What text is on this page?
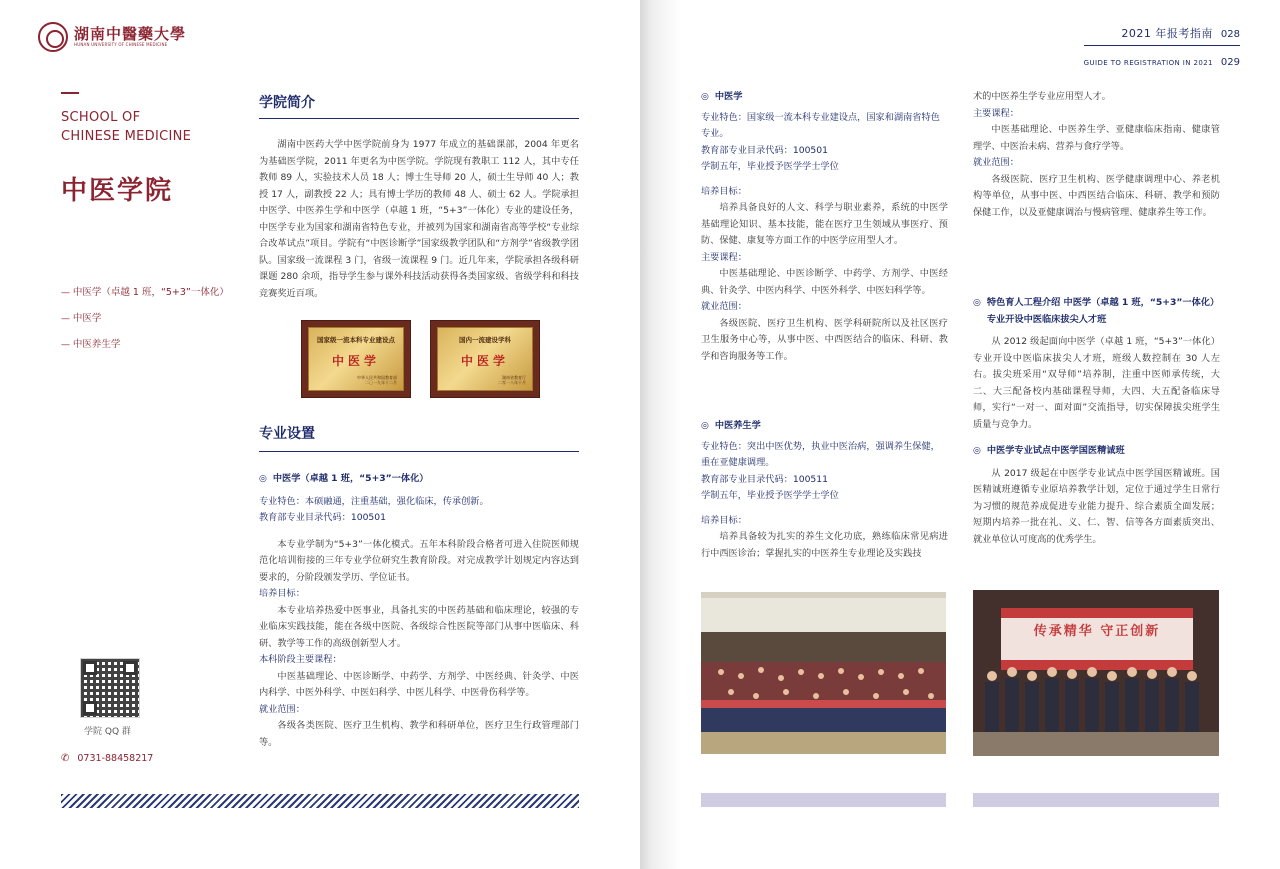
湖南中醫藥大學
HUNAN UNIVERSITY OF CHINESE MEDICINE
SCHOOL OF
CHINESE MEDICINE
中医学院
— 中医学（卓越 1 班，“5+3”一体化）
— 中医学
— 中医养生学
学院 QQ 群
✆ 0731-88458217
学院简介
湖南中医药大学中医学院前身为 1977 年成立的基础课部，2004 年更名为基础医学院，2011 年更名为中医学院。学院现有教职工 112 人，其中专任教师 89 人，实验技术人员 18 人；博士生导师 20 人，硕士生导师 40 人；教授 17 人，副教授 22 人；具有博士学历的教师 48 人、硕士 62 人。学院承担中医学、中医养生学和中医学（卓越 1 班，“5+3”一体化）专业的建设任务，中医学专业为国家和湖南省特色专业，并被列为国家和湖南省高等学校“专业综合改革试点”项目。学院有“中医诊断学”国家级教学团队和“方剂学”省级教学团队。国家级一流课程 3 门，省级一流课程 9 门。近几年来，学院承担各级科研课题 280 余项，指导学生参与课外科技活动获得各类国家级、省级学科和科技竞赛奖近百项。
国家级一流本科专业建设点
中医学
中华人民共和国教育部
二〇一九年十二月
国内一流建设学科
中医学
湖南省教育厅
二零一八年十月
专业设置
◎ 中医学（卓越 1 班，“5+3”一体化）
专业特色：本硕融通，注重基础，强化临床，传承创新。
教育部专业目录代码：100501
本专业学制为“5+3”一体化模式。五年本科阶段合格者可进入住院医师规范化培训衔接的三年专业学位研究生教育阶段。对完成教学计划规定内容达到要求的，分阶段颁发学历、学位证书。
培养目标：
本专业培养热爱中医事业，具备扎实的中医药基础和临床理论，较强的专业临床实践技能，能在各级中医院、各级综合性医院等部门从事中医临床、科研、教学等工作的高级创新型人才。
本科阶段主要课程：
中医基础理论、中医诊断学、中药学、方剂学、中医经典、针灸学、中医内科学、中医外科学、中医妇科学、中医儿科学、中医骨伤科学等。
就业范围：
各级各类医院、医疗卫生机构、教学和科研单位，医疗卫生行政管理部门等。
2021 年报考指南 028
GUIDE TO REGISTRATION IN 2021 029
◎ 中医学
专业特色：国家级一流本科专业建设点，国家和湖南省特色专业。
教育部专业目录代码：100501
学制五年，毕业授予医学学士学位
培养目标：
培养具备良好的人文、科学与职业素养，系统的中医学基础理论知识、基本技能，能在医疗卫生领域从事医疗、预防、保健、康复等方面工作的中医学应用型人才。
主要课程：
中医基础理论、中医诊断学、中药学、方剂学、中医经典、针灸学、中医内科学、中医外科学、中医妇科学等。
就业范围：
各级医院、医疗卫生机构、医学科研院所以及社区医疗卫生服务中心等，从事中医、中西医结合的临床、科研、教学和咨询服务等工作。
◎ 中医养生学
专业特色：突出中医优势，执业中医治病，强调养生保健，重在亚健康调理。
教育部专业目录代码：100511
学制五年，毕业授予医学学士学位
培养目标：
培养具备较为扎实的养生文化功底，熟练临床常见病进行中西医诊治；掌握扎实的中医养生专业理论及实践技
术的中医养生学专业应用型人才。
主要课程：
中医基础理论、中医养生学、亚健康临床指南、健康管理学、中医治未病、营养与食疗学等。
就业范围：
各级医院、医疗卫生机构、医学健康调理中心、养老机构等单位，从事中医、中西医结合临床、科研、教学和预防保健工作，以及亚健康调治与慢病管理、健康养生等工作。
◎ 特色育人工程介绍 中医学（卓越 1 班，“5+3”一体化）专业开设中医临床拔尖人才班
从 2012 级起面向中医学（卓越 1 班，“5+3”一体化）专业开设中医临床拔尖人才班，班级人数控制在 30 人左右。拔尖班采用“双导师”培养制，注重中医师承传统，大二、大三配备校内基础课程导师，大四、大五配备临床导师，实行“一对一、面对面”交流指导，切实保障拔尖班学生质量与竞争力。
◎ 中医学专业试点中医学国医精诚班
从 2017 级起在中医学专业试点中医学国医精诚班。国医精诚班遵循专业原培养教学计划，定位于通过学生日常行为习惯的规范养成促进专业能力提升、综合素质全面发展；短期内培养一批在礼、义、仁、智、信等各方面素质突出、就业单位认可度高的优秀学生。
传承精华 守正创新
